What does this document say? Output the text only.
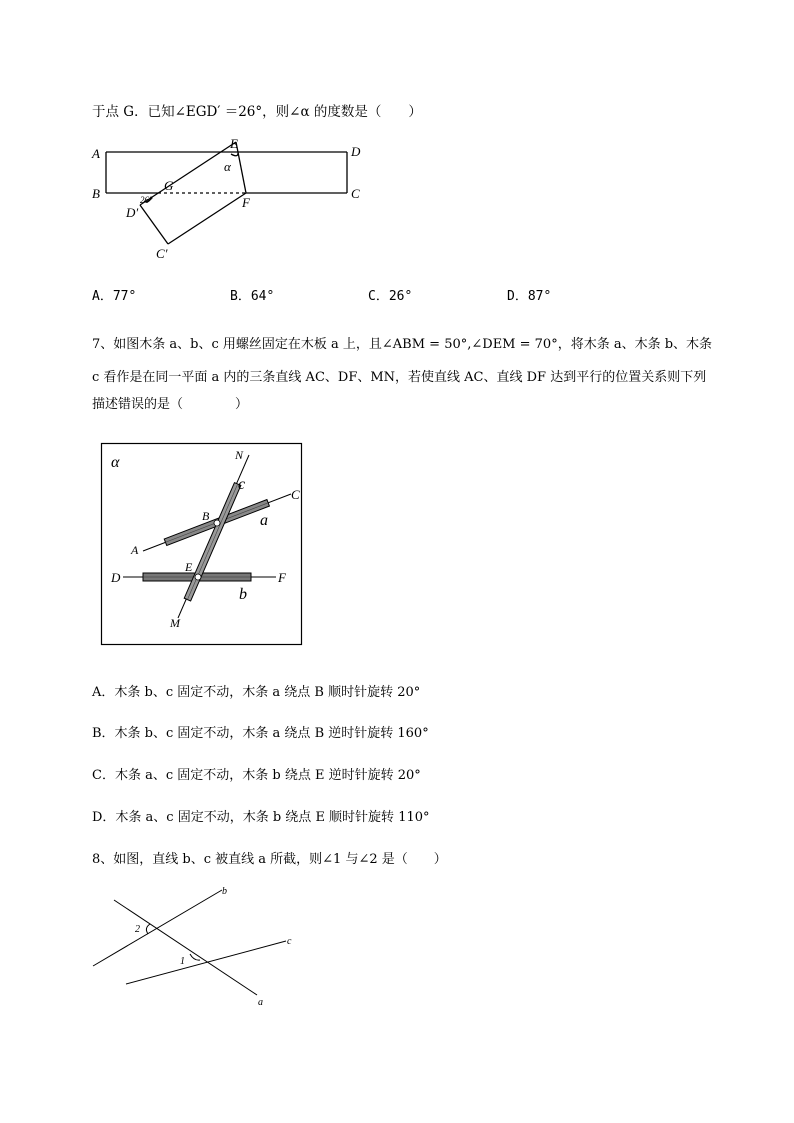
于点 G．已知∠EGD′ ＝26°，则∠α 的度数是（　　）
A	D
B	C
E
α
G
F
26°
D′
C′
A．77°	B．64°	C．26°	D．87°
7、如图木条 a、b、c 用螺丝固定在木板 a 上，且∠ABM = 50°,∠DEM = 70°，将木条 a、木条 b、木条
c 看作是在同一平面 a 内的三条直线 AC、DF、MN，若使直线 AC、直线 DF 达到平行的位置关系则下列
描述错误的是（　　　　）
α	N
c
C
B	a
A
E
D	F
b
M
A．木条 b、c 固定不动，木条 a 绕点 B 顺时针旋转 20°
B．木条 b、c 固定不动，木条 a 绕点 B 逆时针旋转 160°
C．木条 a、c 固定不动，木条 b 绕点 E 逆时针旋转 20°
D．木条 a、c 固定不动，木条 b 绕点 E 顺时针旋转 110°
8、如图，直线 b、c 被直线 a 所截，则∠1 与∠2 是（　　）
b
c
a
2
1
